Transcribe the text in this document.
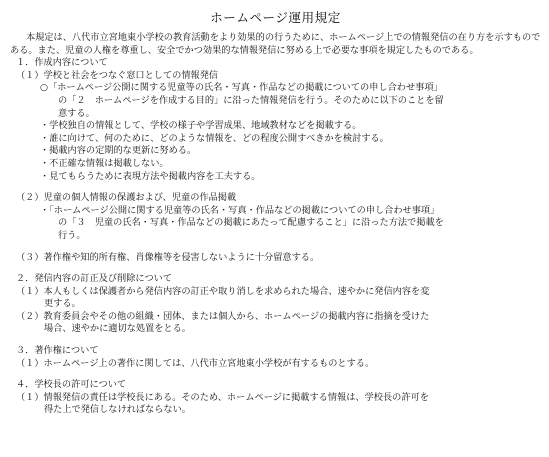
ホームページ運用規定

本規定は、八代市立宮地東小学校の教育活動をより効果的の行うために、ホームページ上での情報発信の在り方を示すものである。また、児童の人権を尊重し、安全でかつ効果的な情報発信に努める上で必要な事項を規定したものである。

１．作成内容について

（１）学校と社会をつなぐ窓口としての情報発信

○「ホームページ公開に関する児童等の氏名・写真・作品などの掲載についての申し合わせ事項」

の「２　ホームページを作成する目的」に沿った情報発信を行う。そのために以下のことを留

意する。

・学校独自の情報として、学校の様子や学習成果、地域教材などを掲載する。

・誰に向けて、何のために、どのような情報を、どの程度公開すべきかを検討する。

・掲載内容の定期的な更新に努める。

・不正確な情報は掲載しない。

・見てもらうために表現方法や掲載内容を工夫する。

（２）児童の個人情報の保護および、児童の作品掲載

・「ホームページ公開に関する児童等の氏名・写真・作品などの掲載についての申し合わせ事項」

の「３　児童の氏名・写真・作品などの掲載にあたって配慮すること」に沿った方法で掲載を

行う。

（３）著作権や知的所有権、肖像権等を侵害しないように十分留意する。

２．発信内容の訂正及び削除について

（１）本人もしくは保護者から発信内容の訂正や取り消しを求められた場合、速やかに発信内容を変

更する。

（２）教育委員会やその他の組織・団体、または個人から、ホームページの掲載内容に指摘を受けた

場合、速やかに適切な処置をとる。

３．著作権について

（１）ホームページ上の著作に関しては、八代市立宮地東小学校が有するものとする。

４．学校長の許可について

（１）情報発信の責任は学校長にある。そのため、ホームページに掲載する情報は、学校長の許可を

得た上で発信しなければならない。
